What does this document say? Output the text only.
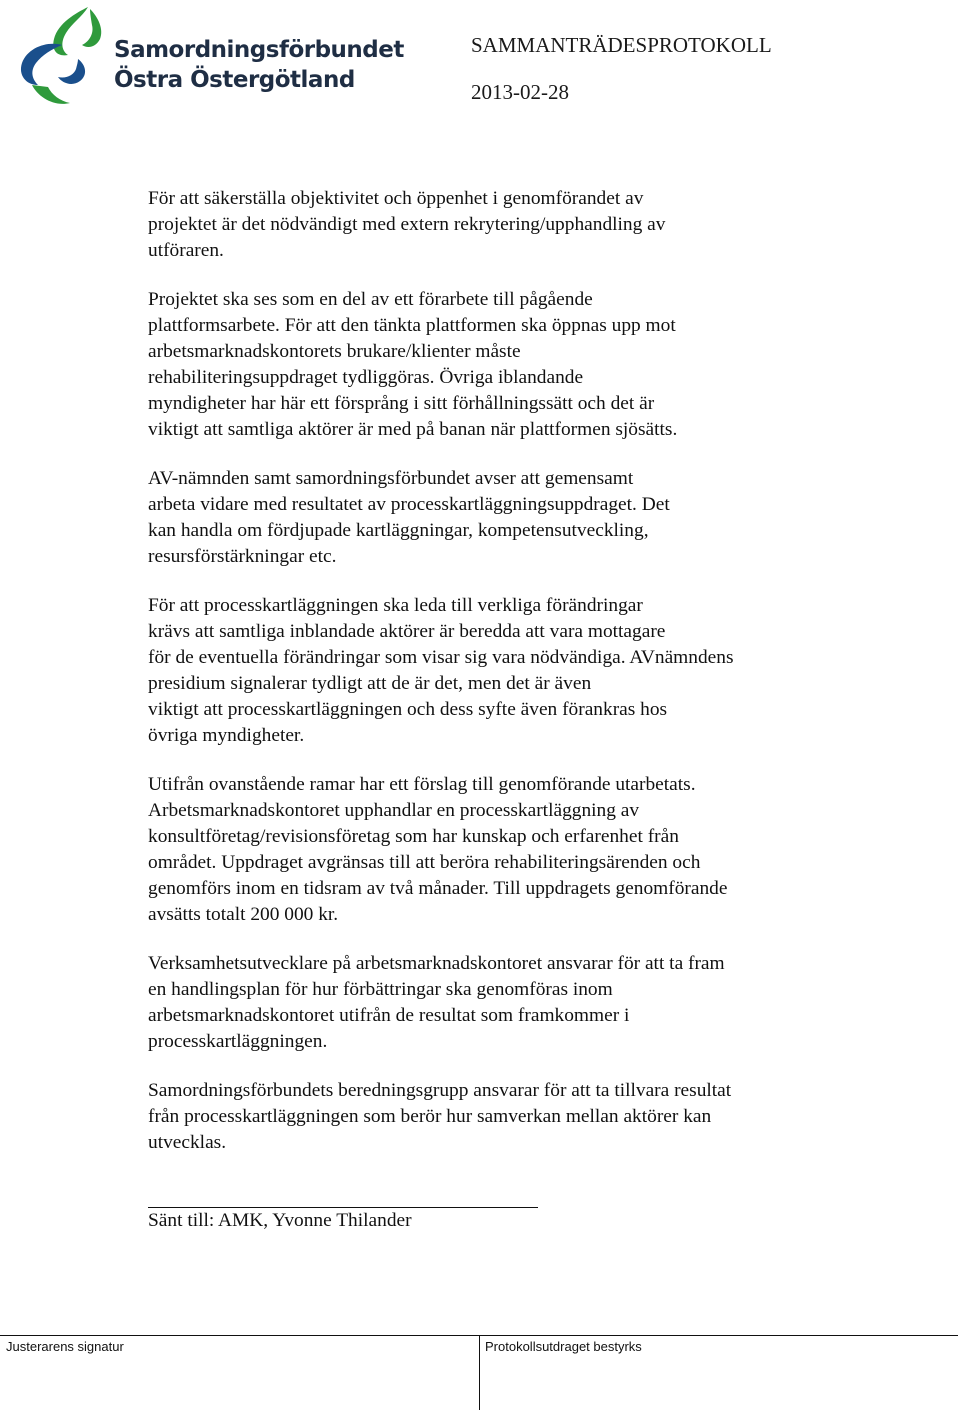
Samordningsförbundet
Östra Östergötland
SAMMANTRÄDESPROTOKOLL
2013-02-28

För att säkerställa objektivitet och öppenhet i genomförandet av
projektet är det nödvändigt med extern rekrytering/upphandling av
utföraren.

Projektet ska ses som en del av ett förarbete till pågående
plattformsarbete. För att den tänkta plattformen ska öppnas upp mot
arbetsmarknadskontorets brukare/klienter måste
rehabiliteringsuppdraget tydliggöras. Övriga iblandande
myndigheter har här ett försprång i sitt förhållningssätt och det är
viktigt att samtliga aktörer är med på banan när plattformen sjösätts.

AV-nämnden samt samordningsförbundet avser att gemensamt
arbeta vidare med resultatet av processkartläggningsuppdraget. Det
kan handla om fördjupade kartläggningar, kompetensutveckling,
resursförstärkningar etc.

För att processkartläggningen ska leda till verkliga förändringar
krävs att samtliga inblandade aktörer är beredda att vara mottagare
för de eventuella förändringar som visar sig vara nödvändiga. AVnämndens
presidium signalerar tydligt att de är det, men det är även
viktigt att processkartläggningen och dess syfte även förankras hos
övriga myndigheter.

Utifrån ovanstående ramar har ett förslag till genomförande utarbetats.
Arbetsmarknadskontoret upphandlar en processkartläggning av
konsultföretag/revisionsföretag som har kunskap och erfarenhet från
området. Uppdraget avgränsas till att beröra rehabiliteringsärenden och
genomförs inom en tidsram av två månader. Till uppdragets genomförande
avsätts totalt 200 000 kr.

Verksamhetsutvecklare på arbetsmarknadskontoret ansvarar för att ta fram
en handlingsplan för hur förbättringar ska genomföras inom
arbetsmarknadskontoret utifrån de resultat som framkommer i
processkartläggningen.

Samordningsförbundets beredningsgrupp ansvarar för att ta tillvara resultat
från processkartläggningen som berör hur samverkan mellan aktörer kan
utvecklas.

Sänt till: AMK, Yvonne Thilander
Justerarens signatur	Protokollsutdraget bestyrks
